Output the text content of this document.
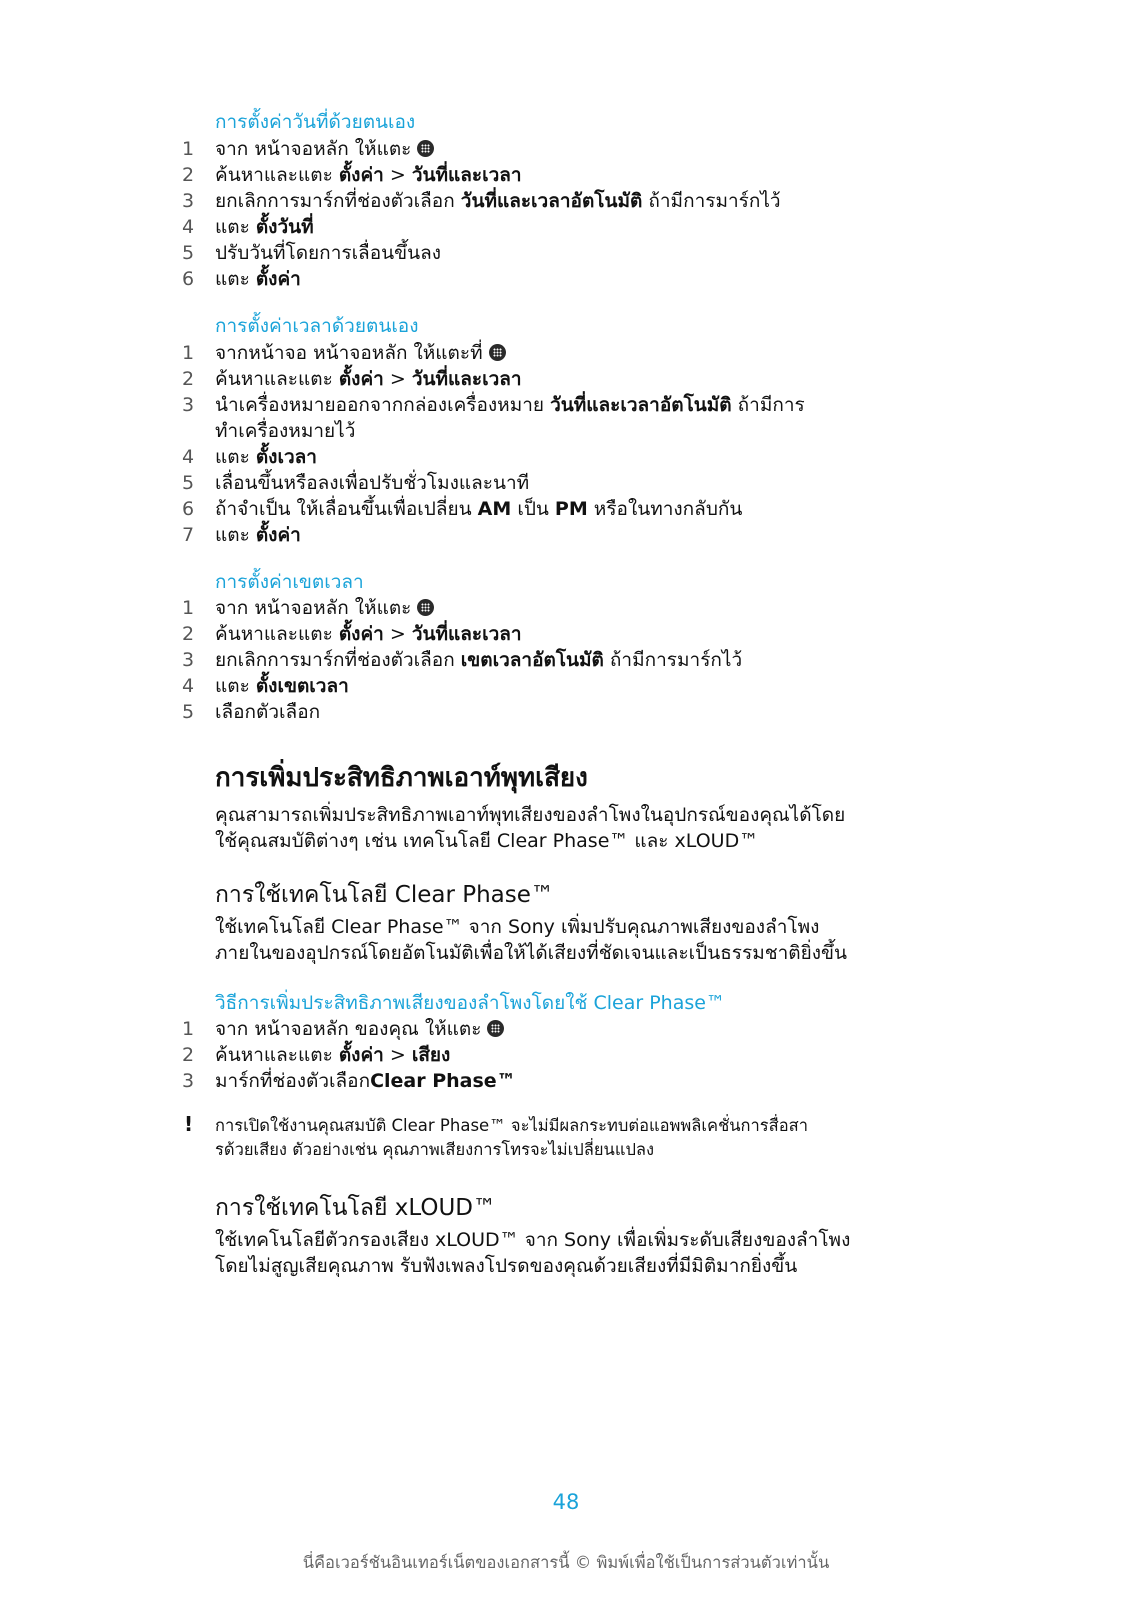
การตั้งค่าวันที่ด้วยตนเอง
1	จาก หน้าจอหลัก ให้แตะ
2	ค้นหาและแตะ ตั้งค่า > วันที่และเวลา
3	ยกเลิกการมาร์กที่ช่องตัวเลือก วันที่และเวลาอัตโนมัติ ถ้ามีการมาร์กไว้
4	แตะ ตั้งวันที่
5	ปรับวันที่โดยการเลื่อนขึ้นลง
6	แตะ ตั้งค่า
การตั้งค่าเวลาด้วยตนเอง
1	จากหน้าจอ หน้าจอหลัก ให้แตะที่
2	ค้นหาและแตะ ตั้งค่า > วันที่และเวลา
3	นำเครื่องหมายออกจากกล่องเครื่องหมาย วันที่และเวลาอัตโนมัติ ถ้ามีการ
ทำเครื่องหมายไว้
4	แตะ ตั้งเวลา
5	เลื่อนขึ้นหรือลงเพื่อปรับชั่วโมงและนาที
6	ถ้าจำเป็น ให้เลื่อนขึ้นเพื่อเปลี่ยน AM เป็น PM หรือในทางกลับกัน
7	แตะ ตั้งค่า
การตั้งค่าเขตเวลา
1	จาก หน้าจอหลัก ให้แตะ
2	ค้นหาและแตะ ตั้งค่า > วันที่และเวลา
3	ยกเลิกการมาร์กที่ช่องตัวเลือก เขตเวลาอัตโนมัติ ถ้ามีการมาร์กไว้
4	แตะ ตั้งเขตเวลา
5	เลือกตัวเลือก
การเพิ่มประสิทธิภาพเอาท์พุทเสียง
คุณสามารถเพิ่มประสิทธิภาพเอาท์พุทเสียงของลำโพงในอุปกรณ์ของคุณได้โดย
ใช้คุณสมบัติต่างๆ เช่น เทคโนโลยี Clear Phase™ และ xLOUD™
การใช้เทคโนโลยี Clear Phase™
ใช้เทคโนโลยี Clear Phase™ จาก Sony เพิ่มปรับคุณภาพเสียงของลำโพง
ภายในของอุปกรณ์โดยอัตโนมัติเพื่อให้ได้เสียงที่ชัดเจนและเป็นธรรมชาติยิ่งขึ้น
วิธีการเพิ่มประสิทธิภาพเสียงของลำโพงโดยใช้ Clear Phase™
1	จาก หน้าจอหลัก ของคุณ ให้แตะ
2	ค้นหาและแตะ ตั้งค่า > เสียง
3	มาร์กที่ช่องตัวเลือกClear Phase™
! การเปิดใช้งานคุณสมบัติ Clear Phase™ จะไม่มีผลกระทบต่อแอพพลิเคชั่นการสื่อสา
รด้วยเสียง ตัวอย่างเช่น คุณภาพเสียงการโทรจะไม่เปลี่ยนแปลง
การใช้เทคโนโลยี xLOUD™
ใช้เทคโนโลยีตัวกรองเสียง xLOUD™ จาก Sony เพื่อเพิ่มระดับเสียงของลำโพง
โดยไม่สูญเสียคุณภาพ รับฟังเพลงโปรดของคุณด้วยเสียงที่มีมิติมากยิ่งขึ้น
48
นี่คือเวอร์ชันอินเทอร์เน็ตของเอกสารนี้ © พิมพ์เพื่อใช้เป็นการส่วนตัวเท่านั้น
